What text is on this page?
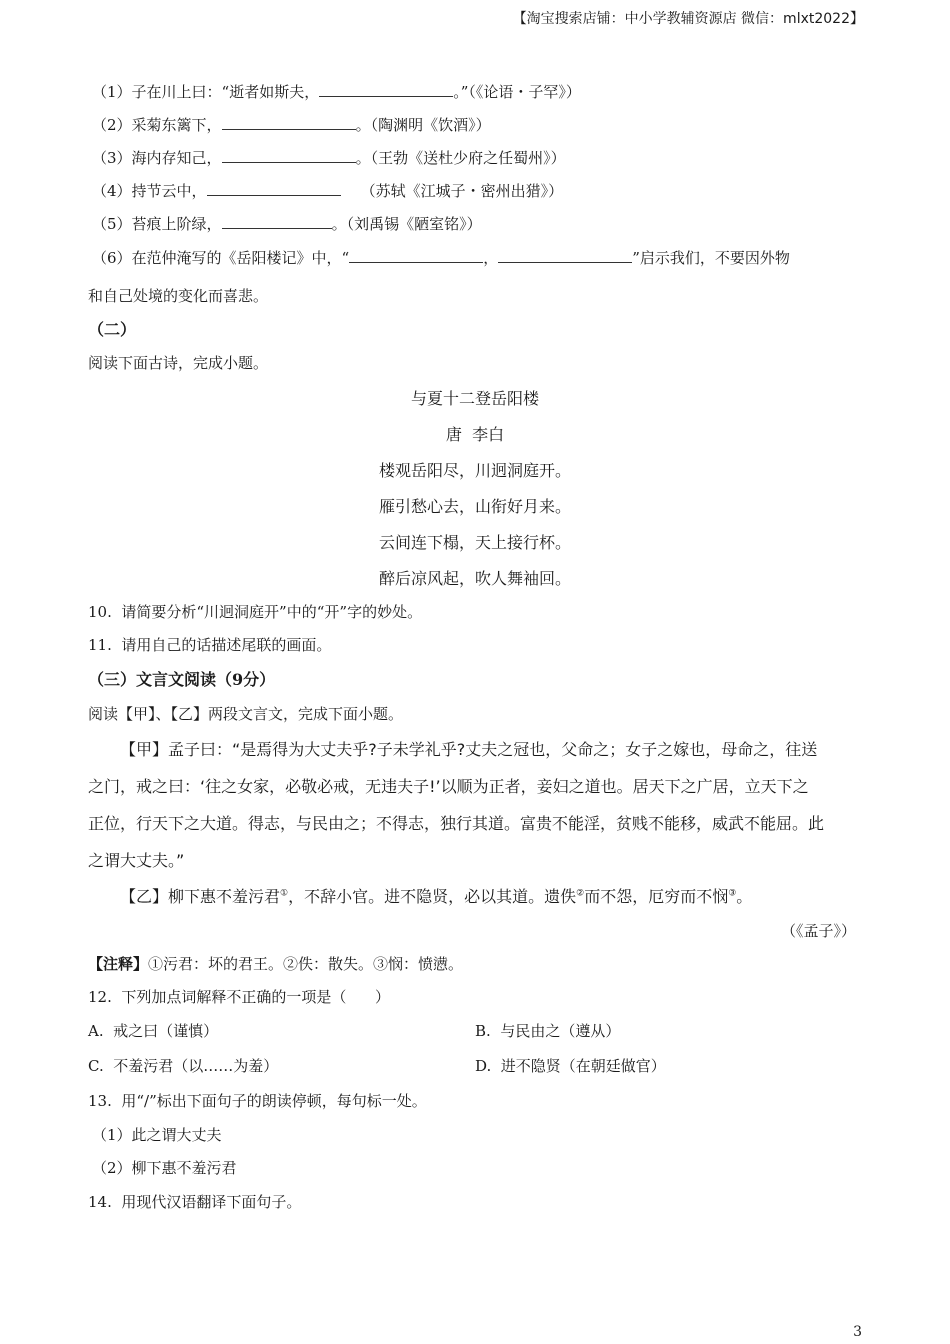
【淘宝搜索店铺：中小学教辅资源店 微信：mlxt2022】
（1）子在川上曰：“逝者如斯夫，	。”（《论语・子罕》）
（2）采菊东篱下，	。（陶渊明《饮酒》）
（3）海内存知己，	。（王勃《送杜少府之任蜀州》）
（4）持节云中，	（苏轼《江城子・密州出猎》）
（5）苔痕上阶绿，	。（刘禹锡《陋室铭》）
（6）在范仲淹写的《岳阳楼记》中，“	，	”启示我们，不要因外物
和自己处境的变化而喜悲。
（二）
阅读下面古诗，完成小题。
与夏十二登岳阳楼
唐  李白
楼观岳阳尽，川迥洞庭开。
雁引愁心去，山衔好月来。
云间连下榻，天上接行杯。
醉后凉风起，吹人舞袖回。
10.  请简要分析“川迥洞庭开”中的“开”字的妙处。
11.  请用自己的话描述尾联的画面。
（三）文言文阅读（9分）
阅读【甲】、【乙】两段文言文，完成下面小题。
【甲】孟子曰：“是焉得为大丈夫乎?子未学礼乎?丈夫之冠也，父命之；女子之嫁也，母命之，往送
之门，戒之曰：‘往之女家，必敬必戒，无违夫子!’以顺为正者，妾妇之道也。居天下之广居，立天下之
正位，行天下之大道。得志，与民由之；不得志，独行其道。富贵不能淫，贫贱不能移，威武不能屈。此
之谓大丈夫。”
【乙】柳下惠不羞污君①，不辞小官。进不隐贤，必以其道。遗佚②而不怨，厄穷而不悯③。
（《孟子》）
【注释】①污君：坏的君王。②佚：散失。③悯：愤懑。
12.  下列加点词解释不正确的一项是（      ）
A.  戒之曰（谨慎）	B.  与民由之（遵从）
C.  不羞污君（以……为羞）	D.  进不隐贤（在朝廷做官）
13.  用“/”标出下面句子的朗读停顿，每句标一处。
（1）此之谓大丈夫
（2）柳下惠不羞污君
14.  用现代汉语翻译下面句子。
3
